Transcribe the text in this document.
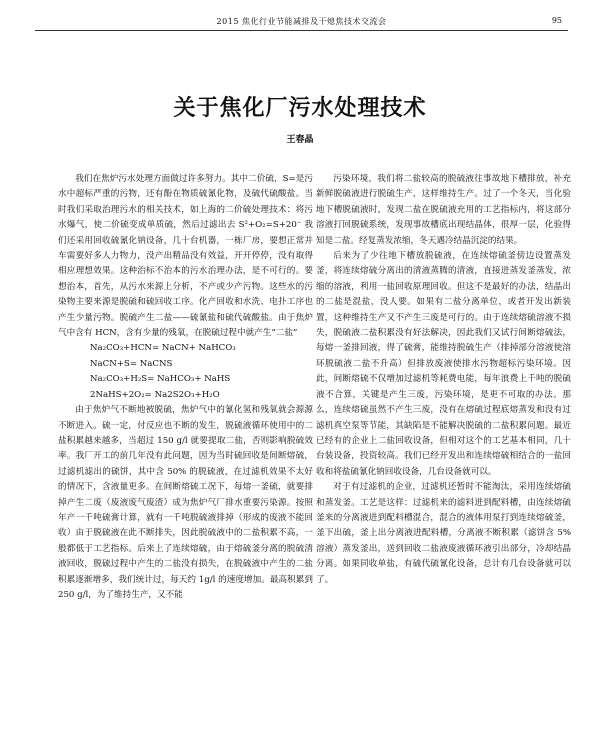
2015 焦化行业节能减排及干熄焦技术交流会	95
关于焦化厂污水处理技术
王春晶

我们在焦炉污水处理方面做过许多努力。其中二价硫，S=是污水中超标严重的污物，还有酚在物质硫氰化物，及硫代硫酸盐。当时我们采取治理污水的相关技术，如上海的二价硫处理技术：将污水爆气，使二价硫变成单质硫，然后过滤出去 S²+O₂=S+20⁻ 我们还采用回收硫氰化钠设备，几十台机器，一栋厂房，要想正常并车需要好多人力物力，没产出精品没有效益，开开停停，没有取得相应理想效果。这种治标不治本的污水治理办法，是不可行的。要想治本，首先，从污水来源上分析，不产或少产污物。这些水的污染物主要来源是脱硫和硫回收工序。化产回收和水洗、电扑工序也产生少量污物。脱硫产生二盐——硫氰盐和硫代硫酸盐。由于焦炉气中含有 HCN，含有少量的残氧，在脱硫过程中就产生“二盐”

Na₂CO₃+HCN= NaCN+ NaHCO₃

NaCN+S= NaCNS

Na₂CO₃+H₂S= NaHCO₃+ NaHS

2NaHS+2O₂= Na2S2O₃+H₂O

由于焦炉气不断地被脱硫，焦炉气中的氰化氢和残氧就会源源不断进入。硫一定，付反应也不断的发生，脱硫液循环使用中的二盐积累越来越多，当超过 150 g/l 就要提取二盐，否则影响脱硫效率。我厂开工的前几年没有此问题，因为当时硫回收是间断熔硫，过滤机滤出的硫饼，其中含 50% 的脱硫液，在过滤机效果不太好的情况下，含液量更多。在间断熔硫工况下，每熔一釜硫，就要排掉产生二废（废液废气废渣）成为焦炉气厂排水重要污染源。按照年产一千吨硫膏计算，就有一千吨脱硫液排掉（形成的废液不能回收）由于脱硫液在此不断排失，因此脱硫液中的二盐积累不高，一般都低于工艺指标。后来上了连续熔硫，由于熔硫釜分离的脱硫清液回收，脱硫过程中产生的二盐没有损失，在脱硫液中产生的二盐积累逐渐增多，我们统计过，每天约 1g/l 的速度增加。最高积累到 250 g/l，为了维持生产，又不能

污染环境，我们将二盐较高的脱硫液往事故地下槽排放，补充新鲜脱硫液进行脱硫生产，这样维持生产。过了一个冬天，当化验地下槽脱硫液时，发现二盐在脱硫液充用的工艺指标内，将这部分溶液打回脱硫系统，发现事故槽底出现结晶体，很厚一层，化验得知是二盐。经复蒸发浓缩，冬天遇冷结晶沉淀的结果。

后来为了少往地下槽放脱硫液，在连续熔硫釜傍边设置蒸发釜，将连续熔硫分离出的清液蒸腾的清液，直接进蒸发釜蒸发，浓缩的溶液，利用一盐回收原理回收。但这不是最好的办法，结晶出的二盐是混盐，没人要。如果有二盐分离单位，或者开发出新装置，这种维持生产又不产生三废是可行的。由于连续熔硫溶液不损失，脱硫液二盐积累没有好法解决，因此我们又试行间断熔硫法，每熔一釜排回液，得了硫膏，能维持脱硫生产（排掉部分溶液使溶环脱硫液二盐不升高）但排放废液使排水污物超标污染环境。因此，间断熔硫不仅增加过滤机等耗费电能，每年浪费上千吨的脱硫液不合算，关键是产生三废，污染环境，是更不可取的办法。那么，连续熔硫虽然不产生三废，没有在熔硫过程底熔蒸发和没有过滤机真空泵等节能，其缺陷是不能解决脱硫的二盐积累问题。最近已经有的企业上二盐回收设备，但相对这个的工艺基本相同，几十台装设备，投资较高。我们已经开发出和连续熔硫相结合的一盐回收和将盐硫氰化钠回收设备，几台设备就可以。

对于有过滤机的企业，过滤机还暂时不能淘汰，采用连续熔硫和蒸发釜。工艺是这样：过滤机来的滤料进到配料槽，由连续熔硫釜来的分离液进到配料槽混合，混合的液体用泵打到连续熔硫釜，釜下出硫，釜上出分离液进配料槽，分离液不断积累（滤饼含 5% 溶液）蒸发釜出，送到回收二盐液废液循环液引出部分，冷却结晶分离。如果同收单盐，有硫代硫氰化设备，总计有几台设备就可以了。
